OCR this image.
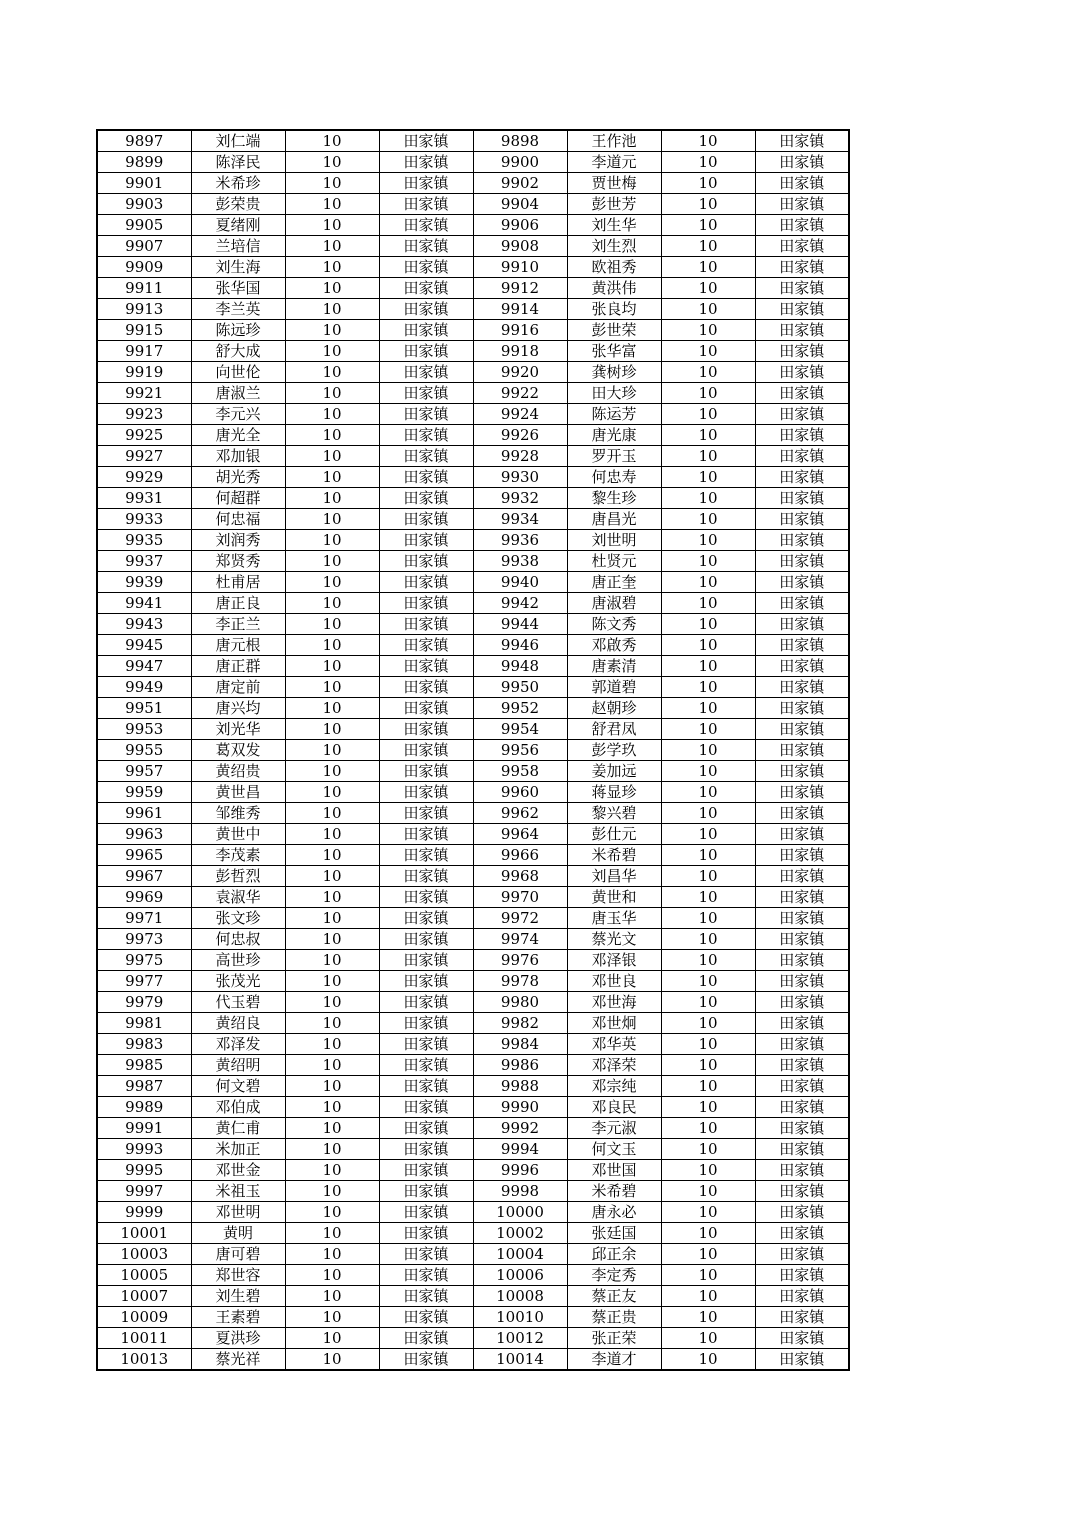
9897	刘仁端	10	田家镇	9898	王作池	10	田家镇
9899	陈泽民	10	田家镇	9900	李道元	10	田家镇
9901	米希珍	10	田家镇	9902	贾世梅	10	田家镇
9903	彭荣贵	10	田家镇	9904	彭世芳	10	田家镇
9905	夏绪刚	10	田家镇	9906	刘生华	10	田家镇
9907	兰培信	10	田家镇	9908	刘生烈	10	田家镇
9909	刘生海	10	田家镇	9910	欧祖秀	10	田家镇
9911	张华国	10	田家镇	9912	黄洪伟	10	田家镇
9913	李兰英	10	田家镇	9914	张良均	10	田家镇
9915	陈远珍	10	田家镇	9916	彭世荣	10	田家镇
9917	舒大成	10	田家镇	9918	张华富	10	田家镇
9919	向世伦	10	田家镇	9920	龚树珍	10	田家镇
9921	唐淑兰	10	田家镇	9922	田大珍	10	田家镇
9923	李元兴	10	田家镇	9924	陈运芳	10	田家镇
9925	唐光全	10	田家镇	9926	唐光康	10	田家镇
9927	邓加银	10	田家镇	9928	罗开玉	10	田家镇
9929	胡光秀	10	田家镇	9930	何忠寿	10	田家镇
9931	何超群	10	田家镇	9932	黎生珍	10	田家镇
9933	何忠福	10	田家镇	9934	唐昌光	10	田家镇
9935	刘润秀	10	田家镇	9936	刘世明	10	田家镇
9937	郑贤秀	10	田家镇	9938	杜贤元	10	田家镇
9939	杜甫居	10	田家镇	9940	唐正奎	10	田家镇
9941	唐正良	10	田家镇	9942	唐淑碧	10	田家镇
9943	李正兰	10	田家镇	9944	陈文秀	10	田家镇
9945	唐元根	10	田家镇	9946	邓啟秀	10	田家镇
9947	唐正群	10	田家镇	9948	唐素清	10	田家镇
9949	唐定前	10	田家镇	9950	郭道碧	10	田家镇
9951	唐兴均	10	田家镇	9952	赵朝珍	10	田家镇
9953	刘光华	10	田家镇	9954	舒君凤	10	田家镇
9955	葛双发	10	田家镇	9956	彭学玖	10	田家镇
9957	黄绍贵	10	田家镇	9958	姜加远	10	田家镇
9959	黄世昌	10	田家镇	9960	蒋显珍	10	田家镇
9961	邹维秀	10	田家镇	9962	黎兴碧	10	田家镇
9963	黄世中	10	田家镇	9964	彭仕元	10	田家镇
9965	李茂素	10	田家镇	9966	米希碧	10	田家镇
9967	彭哲烈	10	田家镇	9968	刘昌华	10	田家镇
9969	袁淑华	10	田家镇	9970	黄世和	10	田家镇
9971	张文珍	10	田家镇	9972	唐玉华	10	田家镇
9973	何忠叔	10	田家镇	9974	蔡光文	10	田家镇
9975	高世珍	10	田家镇	9976	邓泽银	10	田家镇
9977	张茂光	10	田家镇	9978	邓世良	10	田家镇
9979	代玉碧	10	田家镇	9980	邓世海	10	田家镇
9981	黄绍良	10	田家镇	9982	邓世炯	10	田家镇
9983	邓泽发	10	田家镇	9984	邓华英	10	田家镇
9985	黄绍明	10	田家镇	9986	邓泽荣	10	田家镇
9987	何文碧	10	田家镇	9988	邓宗纯	10	田家镇
9989	邓伯成	10	田家镇	9990	邓良民	10	田家镇
9991	黄仁甫	10	田家镇	9992	李元淑	10	田家镇
9993	米加正	10	田家镇	9994	何文玉	10	田家镇
9995	邓世金	10	田家镇	9996	邓世国	10	田家镇
9997	米祖玉	10	田家镇	9998	米希碧	10	田家镇
9999	邓世明	10	田家镇	10000	唐永必	10	田家镇
10001	黄明	10	田家镇	10002	张廷国	10	田家镇
10003	唐可碧	10	田家镇	10004	邱正余	10	田家镇
10005	郑世容	10	田家镇	10006	李定秀	10	田家镇
10007	刘生碧	10	田家镇	10008	蔡正友	10	田家镇
10009	王素碧	10	田家镇	10010	蔡正贵	10	田家镇
10011	夏洪珍	10	田家镇	10012	张正荣	10	田家镇
10013	蔡光祥	10	田家镇	10014	李道才	10	田家镇
